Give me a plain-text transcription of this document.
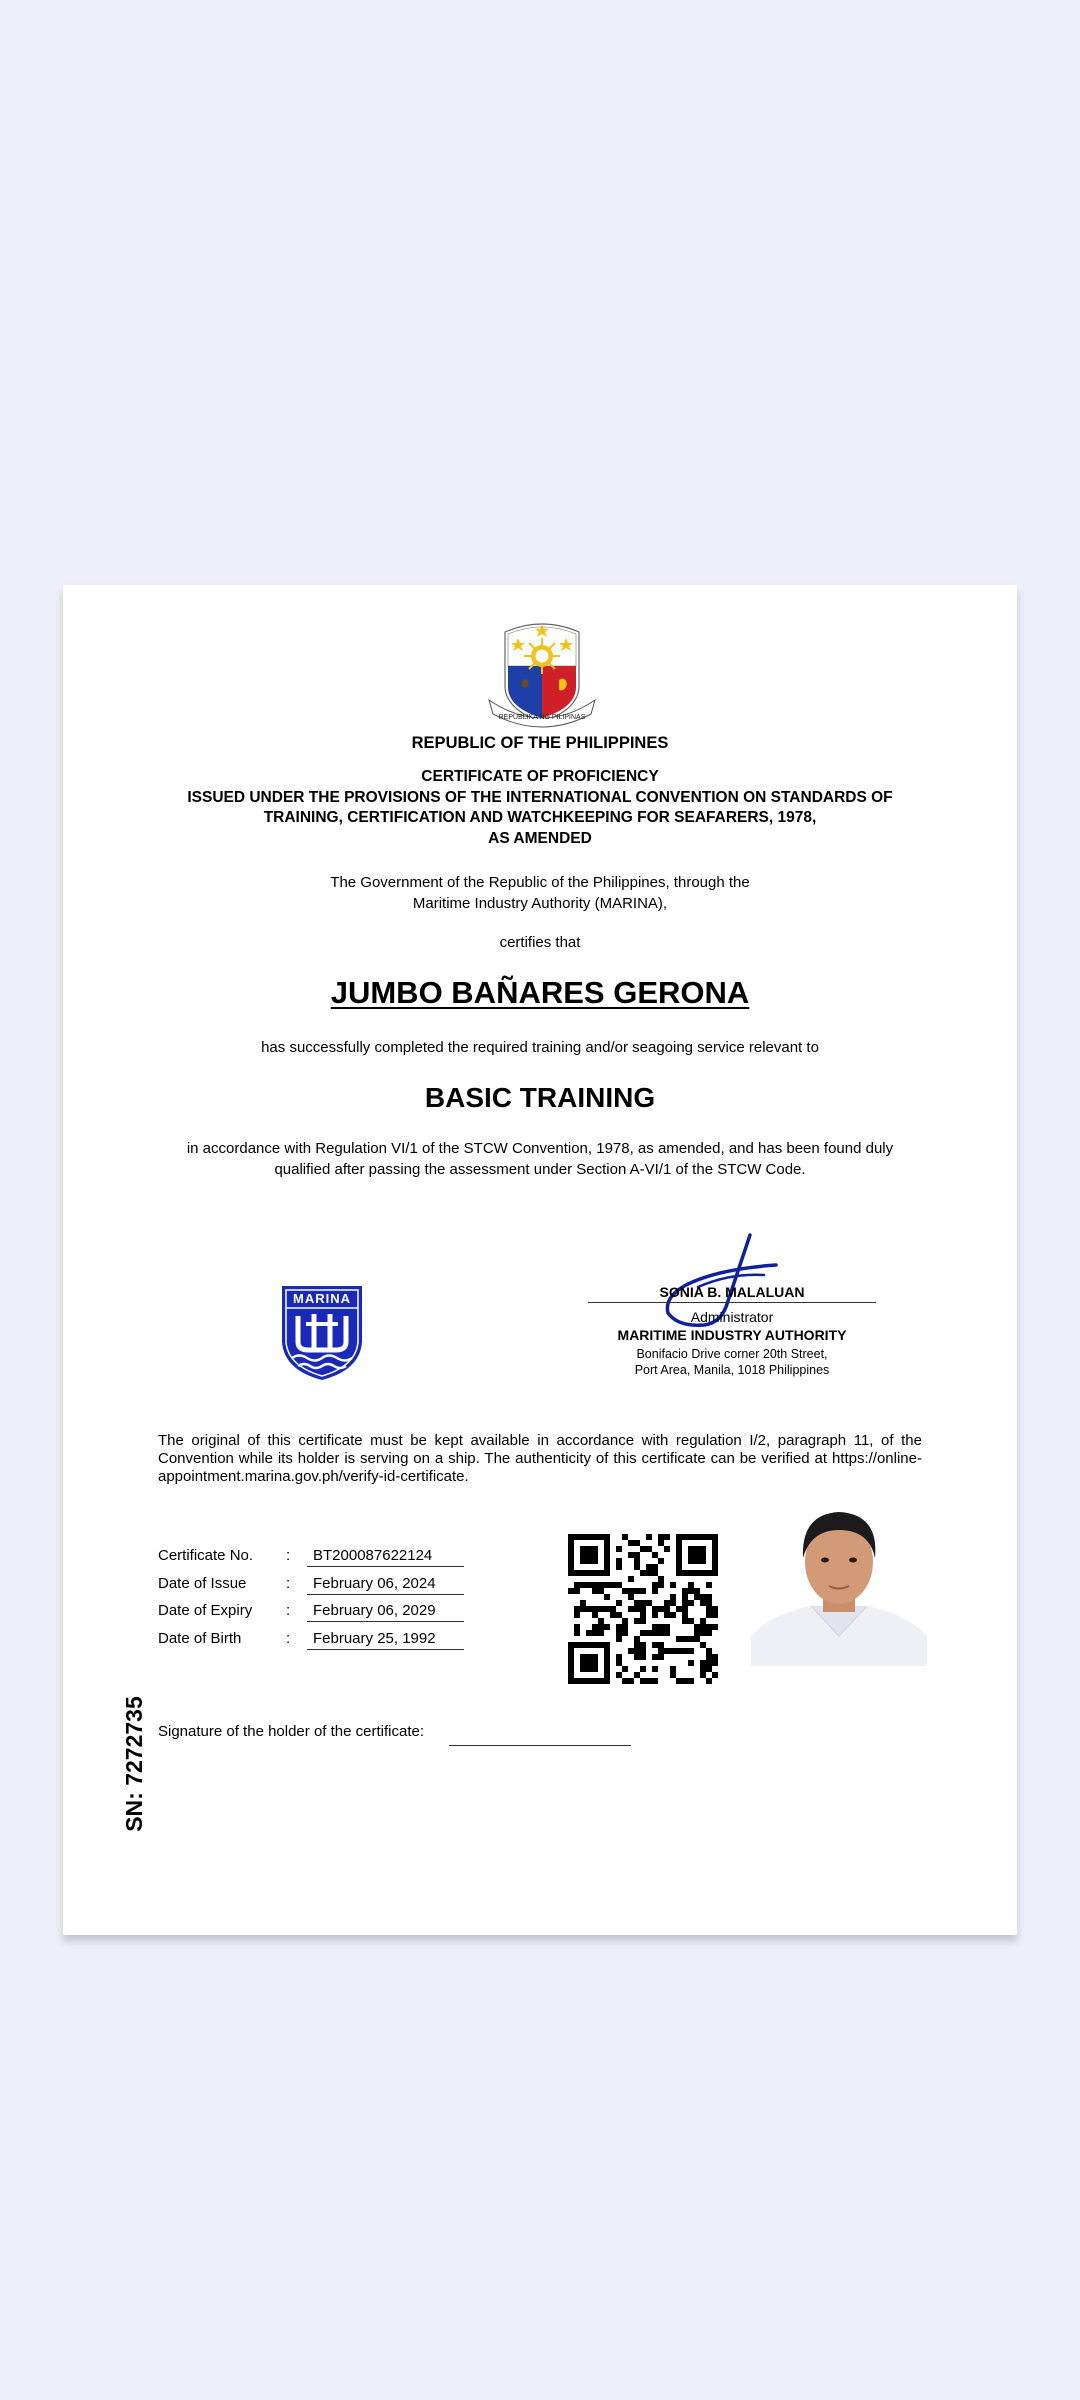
REPUBLIKA NG PILIPINAS
REPUBLIC OF THE PHILIPPINES
CERTIFICATE OF PROFICIENCY
ISSUED UNDER THE PROVISIONS OF THE INTERNATIONAL CONVENTION ON STANDARDS OF
TRAINING, CERTIFICATION AND WATCHKEEPING FOR SEAFARERS, 1978,
AS AMENDED
The Government of the Republic of the Philippines, through the
Maritime Industry Authority (MARINA),
certifies that
JUMBO BAÑARES GERONA
has successfully completed the required training and/or seagoing service relevant to
BASIC TRAINING
in accordance with Regulation VI/1 of the STCW Convention, 1978, as amended, and has been found duly
qualified after passing the assessment under Section A-VI/1 of the STCW Code.
MARINA	SONIA B. MALALUAN
Administrator
MARITIME INDUSTRY AUTHORITY
Bonifacio Drive corner 20th Street,
Port Area, Manila, 1018 Philippines
The original of this certificate must be kept available in accordance with regulation I/2, paragraph 11, of the Convention while its holder is serving on a ship. The authenticity of this certificate can be verified at https://online-appointment.marina.gov.ph/verify-id-certificate.
Certificate No.	:	BT200087622124
Date of Issue	:	February 06, 2024
Date of Expiry	:	February 06, 2029
Date of Birth	:	February 25, 1992
Signature of the holder of the certificate:
SN: 7272735
